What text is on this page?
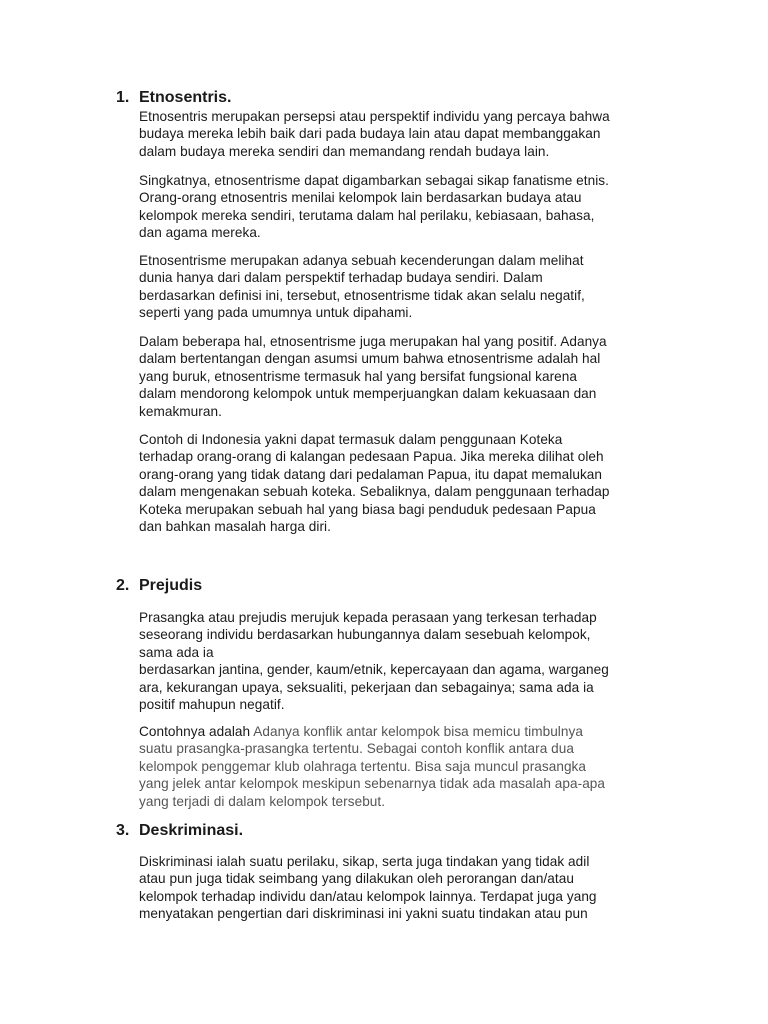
1. Etnosentris.
Etnosentris merupakan persepsi atau perspektif individu yang percaya bahwa
budaya mereka lebih baik dari pada budaya lain atau dapat membanggakan
dalam budaya mereka sendiri dan memandang rendah budaya lain.
Singkatnya, etnosentrisme dapat digambarkan sebagai sikap fanatisme etnis.
Orang-orang etnosentris menilai kelompok lain berdasarkan budaya atau
kelompok mereka sendiri, terutama dalam hal perilaku, kebiasaan, bahasa,
dan agama mereka.
Etnosentrisme merupakan adanya sebuah kecenderungan dalam melihat
dunia hanya dari dalam perspektif terhadap budaya sendiri. Dalam
berdasarkan definisi ini, tersebut, etnosentrisme tidak akan selalu negatif,
seperti yang pada umumnya untuk dipahami.
Dalam beberapa hal, etnosentrisme juga merupakan hal yang positif. Adanya
dalam bertentangan dengan asumsi umum bahwa etnosentrisme adalah hal
yang buruk, etnosentrisme termasuk hal yang bersifat fungsional karena
dalam mendorong kelompok untuk memperjuangkan dalam kekuasaan dan
kemakmuran.
Contoh di Indonesia yakni dapat termasuk dalam penggunaan Koteka
terhadap orang-orang di kalangan pedesaan Papua. Jika mereka dilihat oleh
orang-orang yang tidak datang dari pedalaman Papua, itu dapat memalukan
dalam mengenakan sebuah koteka. Sebaliknya, dalam penggunaan terhadap
Koteka merupakan sebuah hal yang biasa bagi penduduk pedesaan Papua
dan bahkan masalah harga diri.
2. Prejudis
Prasangka atau prejudis merujuk kepada perasaan yang terkesan terhadap
seseorang individu berdasarkan hubungannya dalam sesebuah kelompok,
sama ada ia
berdasarkan jantina, gender, kaum/etnik, kepercayaan dan agama, warganeg
ara, kekurangan upaya, seksualiti, pekerjaan dan sebagainya; sama ada ia
positif mahupun negatif.
Contohnya adalah Adanya konflik antar kelompok bisa memicu timbulnya
suatu prasangka-prasangka tertentu. Sebagai contoh konflik antara dua
kelompok penggemar klub olahraga tertentu. Bisa saja muncul prasangka
yang jelek antar kelompok meskipun sebenarnya tidak ada masalah apa-apa
yang terjadi di dalam kelompok tersebut.
3. Deskriminasi.
Diskriminasi ialah suatu perilaku, sikap, serta juga tindakan yang tidak adil
atau pun juga tidak seimbang yang dilakukan oleh perorangan dan/atau
kelompok terhadap individu dan/atau kelompok lainnya. Terdapat juga yang
menyatakan pengertian dari diskriminasi ini yakni suatu tindakan atau pun
